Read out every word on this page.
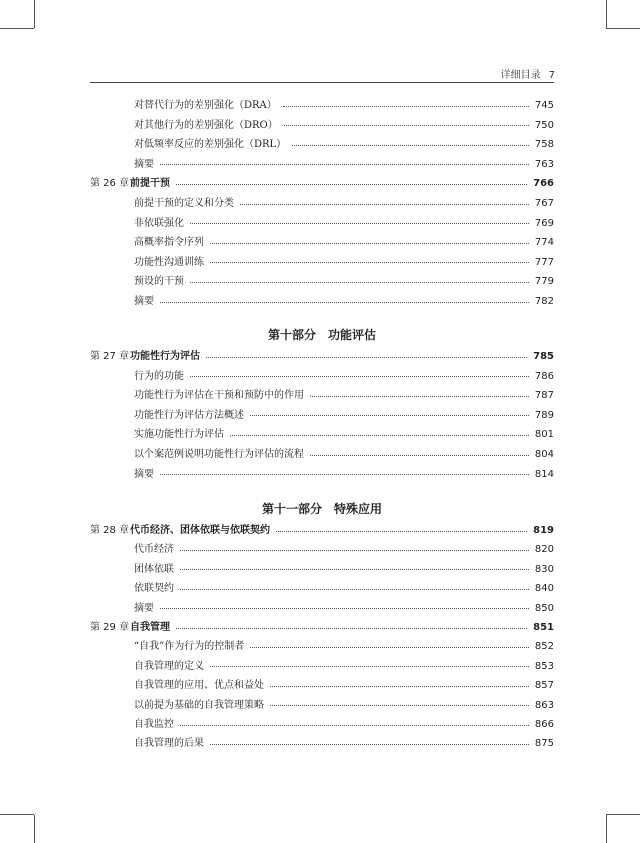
详细目录 7
对替代行为的差别强化（DRA）	745
对其他行为的差别强化（DRO）	750
对低频率反应的差别强化（DRL）	758
摘要	763
第 26 章 前提干预	766
前提干预的定义和分类	767
非依联强化	769
高概率指令序列	774
功能性沟通训练	777
预设的干预	779
摘要	782
第十部分　功能评估
第 27 章 功能性行为评估	785
行为的功能	786
功能性行为评估在干预和预防中的作用	787
功能性行为评估方法概述	789
实施功能性行为评估	801
以个案范例说明功能性行为评估的流程	804
摘要	814
第十一部分　特殊应用
第 28 章 代币经济、团体依联与依联契约	819
代币经济	820
团体依联	830
依联契约	840
摘要	850
第 29 章 自我管理	851
“自我”作为行为的控制者	852
自我管理的定义	853
自我管理的应用、优点和益处	857
以前提为基础的自我管理策略	863
自我监控	866
自我管理的后果	875
